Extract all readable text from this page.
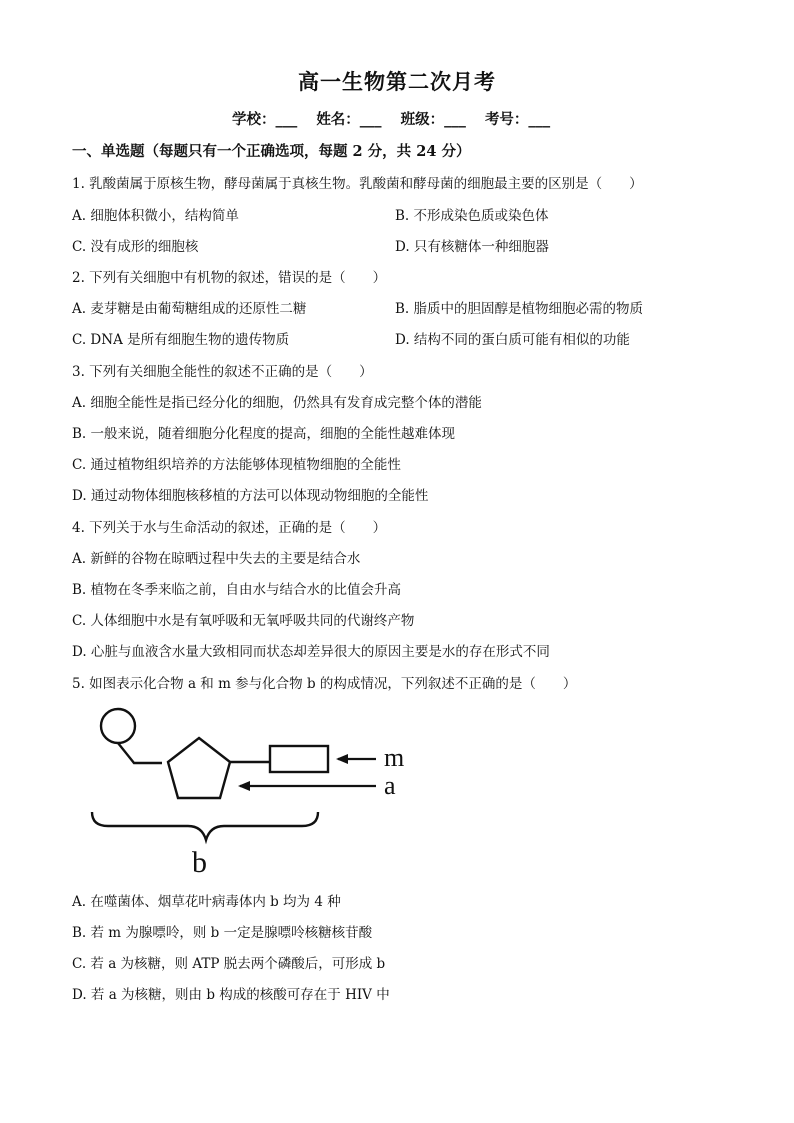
高一生物第二次月考
学校：___ 姓名：___ 班级：___ 考号：___
一、单选题（每题只有一个正确选项，每题 2 分，共 24 分）
1. 乳酸菌属于原核生物，酵母菌属于真核生物。乳酸菌和酵母菌的细胞最主要的区别是（　　）
A. 细胞体积微小，结构简单	B. 不形成染色质或染色体
C. 没有成形的细胞核	D. 只有核糖体一种细胞器
2. 下列有关细胞中有机物的叙述，错误的是（　　）
A. 麦芽糖是由葡萄糖组成的还原性二糖	B. 脂质中的胆固醇是植物细胞必需的物质
C. DNA 是所有细胞生物的遗传物质	D. 结构不同的蛋白质可能有相似的功能
3. 下列有关细胞全能性的叙述不正确的是（　　）
A. 细胞全能性是指已经分化的细胞，仍然具有发育成完整个体的潜能
B. 一般来说，随着细胞分化程度的提高，细胞的全能性越难体现
C. 通过植物组织培养的方法能够体现植物细胞的全能性
D. 通过动物体细胞核移植的方法可以体现动物细胞的全能性
4. 下列关于水与生命活动的叙述，正确的是（　　）
A. 新鲜的谷物在晾晒过程中失去的主要是结合水
B. 植物在冬季来临之前，自由水与结合水的比值会升高
C. 人体细胞中水是有氧呼吸和无氧呼吸共同的代谢终产物
D. 心脏与血液含水量大致相同而状态却差异很大的原因主要是水的存在形式不同
5. 如图表示化合物 a 和 m 参与化合物 b 的构成情况，下列叙述不正确的是（　　）
m
a
b
A. 在噬菌体、烟草花叶病毒体内 b 均为 4 种
B. 若 m 为腺嘌呤，则 b 一定是腺嘌呤核糖核苷酸
C. 若 a 为核糖，则 ATP 脱去两个磷酸后，可形成 b
D. 若 a 为核糖，则由 b 构成的核酸可存在于 HIV 中
